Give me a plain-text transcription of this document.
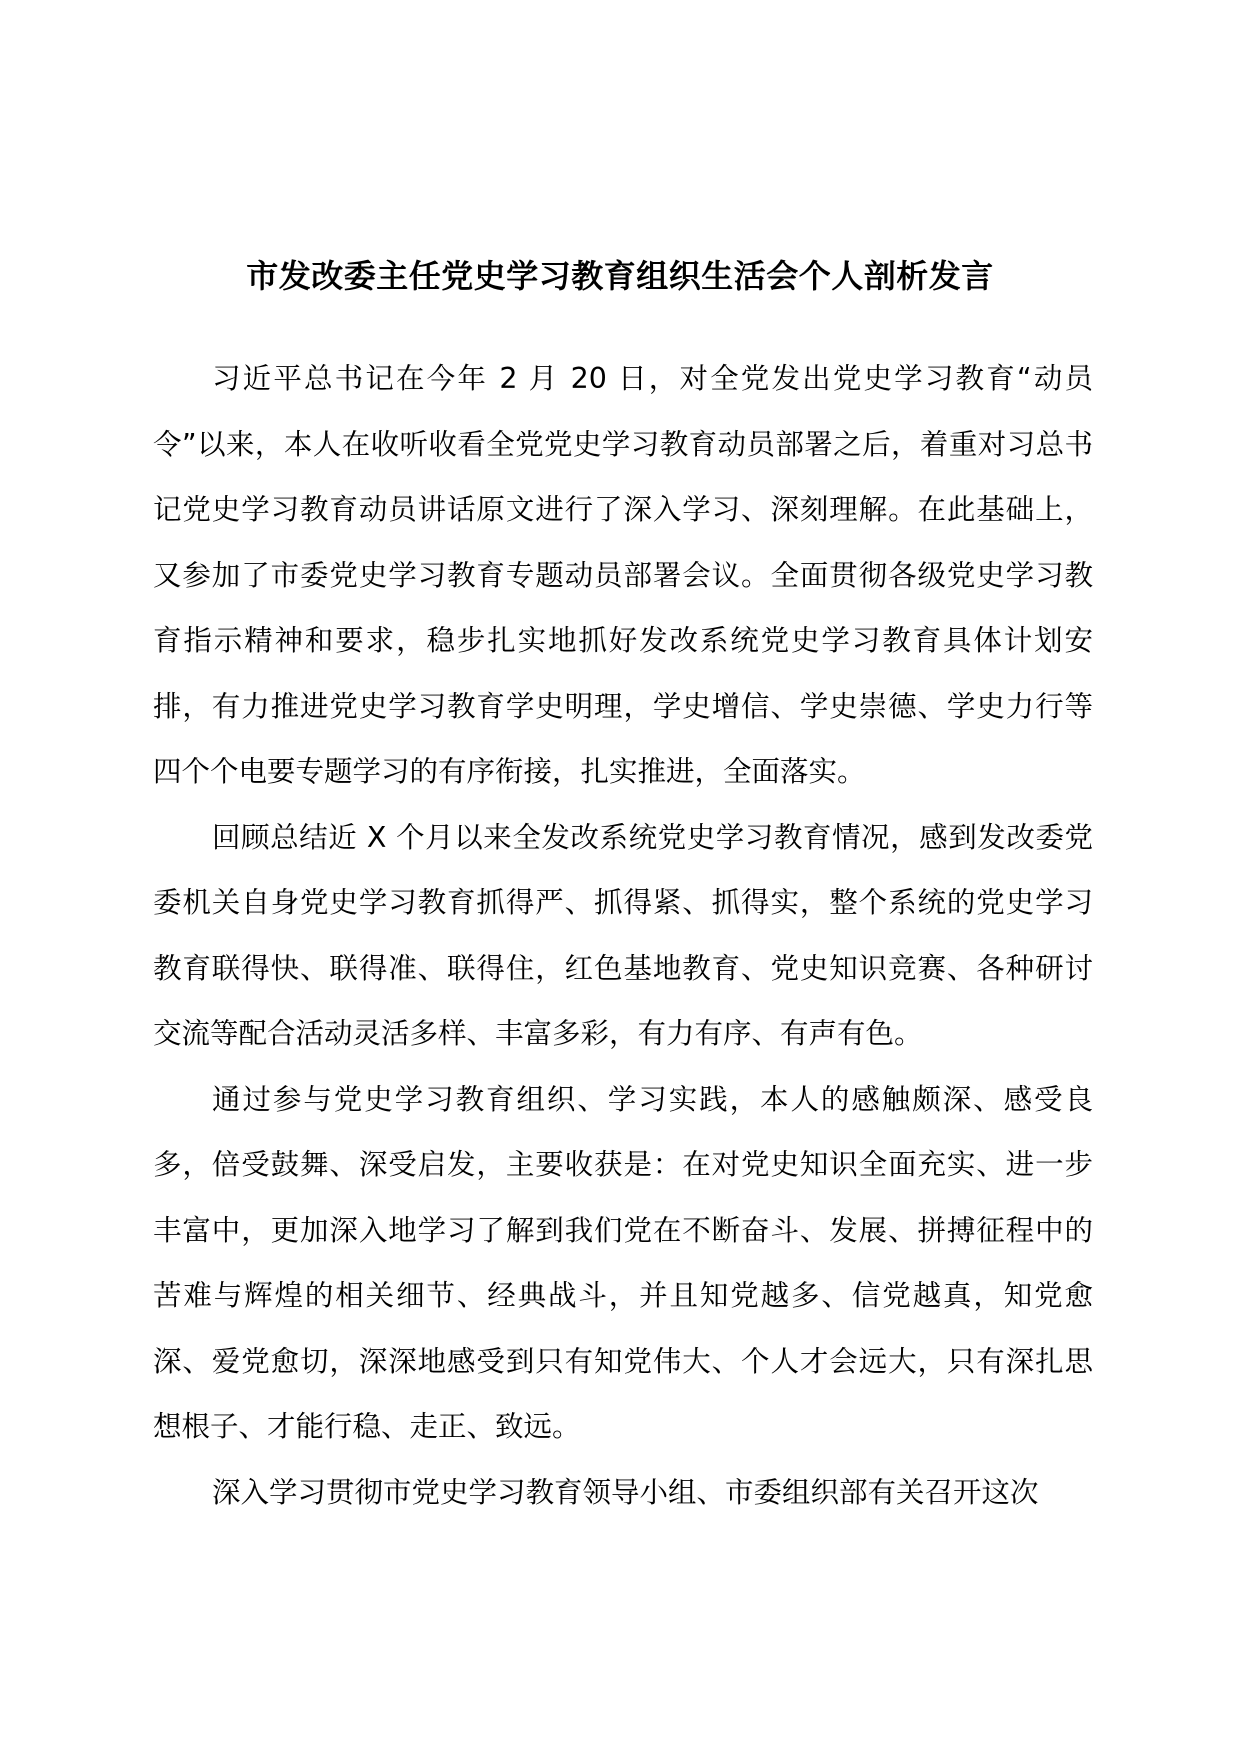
市发改委主任党史学习教育组织生活会个人剖析发言

习近平总书记在今年 2 月 20 日，对全党发出党史学习教育“动员令”以来，本人在收听收看全党党史学习教育动员部署之后，着重对习总书记党史学习教育动员讲话原文进行了深入学习、深刻理解。在此基础上，又参加了市委党史学习教育专题动员部署会议。全面贯彻各级党史学习教育指示精神和要求，稳步扎实地抓好发改系统党史学习教育具体计划安排，有力推进党史学习教育学史明理，学史增信、学史崇德、学史力行等四个个电要专题学习的有序衔接，扎实推进，全面落实。

回顾总结近 X 个月以来全发改系统党史学习教育情况，感到发改委党委机关自身党史学习教育抓得严、抓得紧、抓得实，整个系统的党史学习教育联得快、联得准、联得住，红色基地教育、党史知识竞赛、各种研讨交流等配合活动灵活多样、丰富多彩，有力有序、有声有色。

通过参与党史学习教育组织、学习实践，本人的感触颇深、感受良多，倍受鼓舞、深受启发，主要收获是：在对党史知识全面充实、进一步丰富中，更加深入地学习了解到我们党在不断奋斗、发展、拼搏征程中的苦难与辉煌的相关细节、经典战斗，并且知党越多、信党越真，知党愈深、爱党愈切，深深地感受到只有知党伟大、个人才会远大，只有深扎思想根子、才能行稳、走正、致远。

深入学习贯彻市党史学习教育领导小组、市委组织部有关召开这次
